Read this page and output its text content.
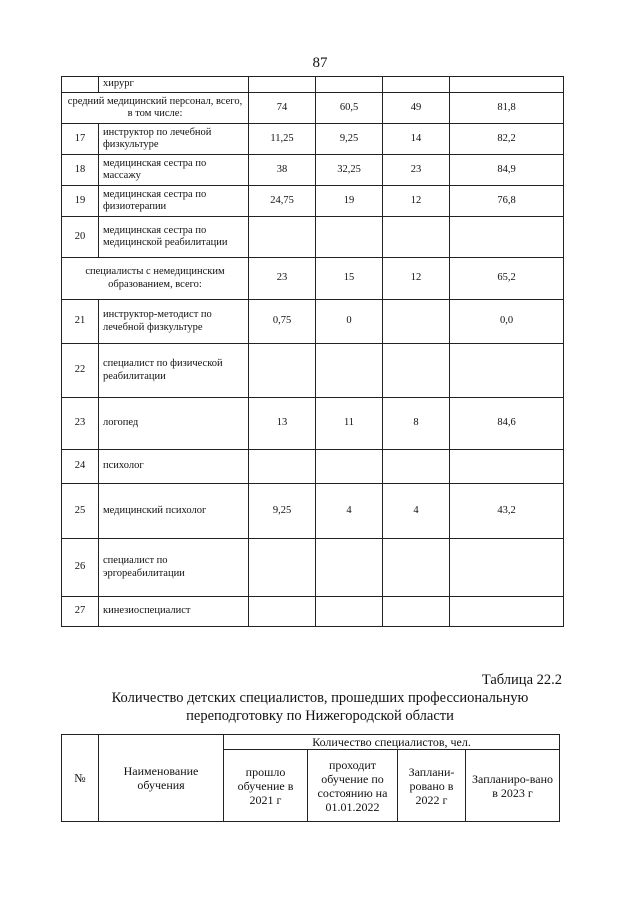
87
	хирург				
средний медицинский персонал, всего, в том числе:		74	60,5	49	81,8
17	инструктор по лечебной физкультуре	11,25	9,25	14	82,2
18	медицинская сестра по массажу	38	32,25	23	84,9
19	медицинская сестра по физиотерапии	24,75	19	12	76,8
20	медицинская сестра по медицинской реабилитации				
специалисты с немедицинским образованием, всего:		23	15	12	65,2
21	инструктор-методист по лечебной физкультуре	0,75	0		0,0
22	специалист по физической реабилитации				
23	логопед	13	11	8	84,6
24	психолог				
25	медицинский психолог	9,25	4	4	43,2
26	специалист по эргореабилитации				
27	кинезиоспециалист				
Таблица 22.2
Количество детских специалистов, прошедших профессиональную
переподготовку по Нижегородской области
№	Наименование обучения	Количество специалистов, чел.			
		прошло обучение в 2021 г	проходит обучение по состоянию на 01.01.2022	Заплани-ровано в 2022 г	Запланиро-вано в 2023 г
